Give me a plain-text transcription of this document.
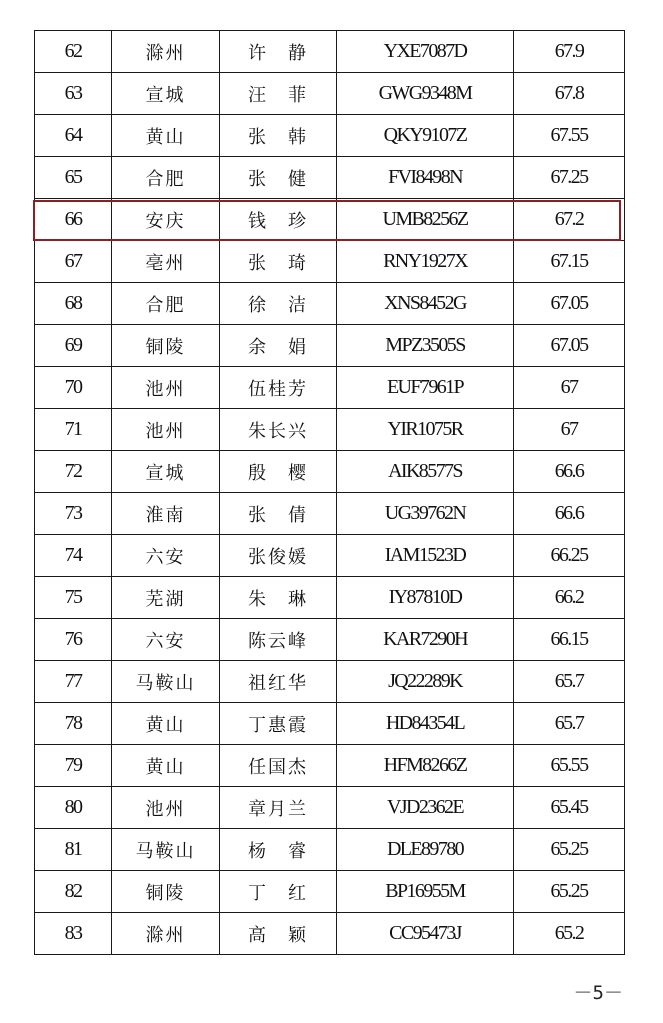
62	滁州	许　静	YXE7087D	67.9
63	宣城	汪　菲	GWG9348M	67.8
64	黄山	张　韩	QKY9107Z	67.55
65	合肥	张　健	FVI8498N	67.25
66	安庆	钱　珍	UMB8256Z	67.2
67	亳州	张　琦	RNY1927X	67.15
68	合肥	徐　洁	XNS8452G	67.05
69	铜陵	余　娟	MPZ3505S	67.05
70	池州	伍桂芳	EUF7961P	67
71	池州	朱长兴	YIR1075R	67
72	宣城	殷　樱	AIK8577S	66.6
73	淮南	张　倩	UG39762N	66.6
74	六安	张俊媛	IAM1523D	66.25
75	芜湖	朱　琳	IY87810D	66.2
76	六安	陈云峰	KAR7290H	66.15
77	马鞍山	祖红华	JQ22289K	65.7
78	黄山	丁惠霞	HD84354L	65.7
79	黄山	任国杰	HFM8266Z	65.55
80	池州	章月兰	VJD2362E	65.45
81	马鞍山	杨　睿	DLE89780	65.25
82	铜陵	丁　红	BP16955M	65.25
83	滁州	高　颖	CC95473J	65.2
－5－
